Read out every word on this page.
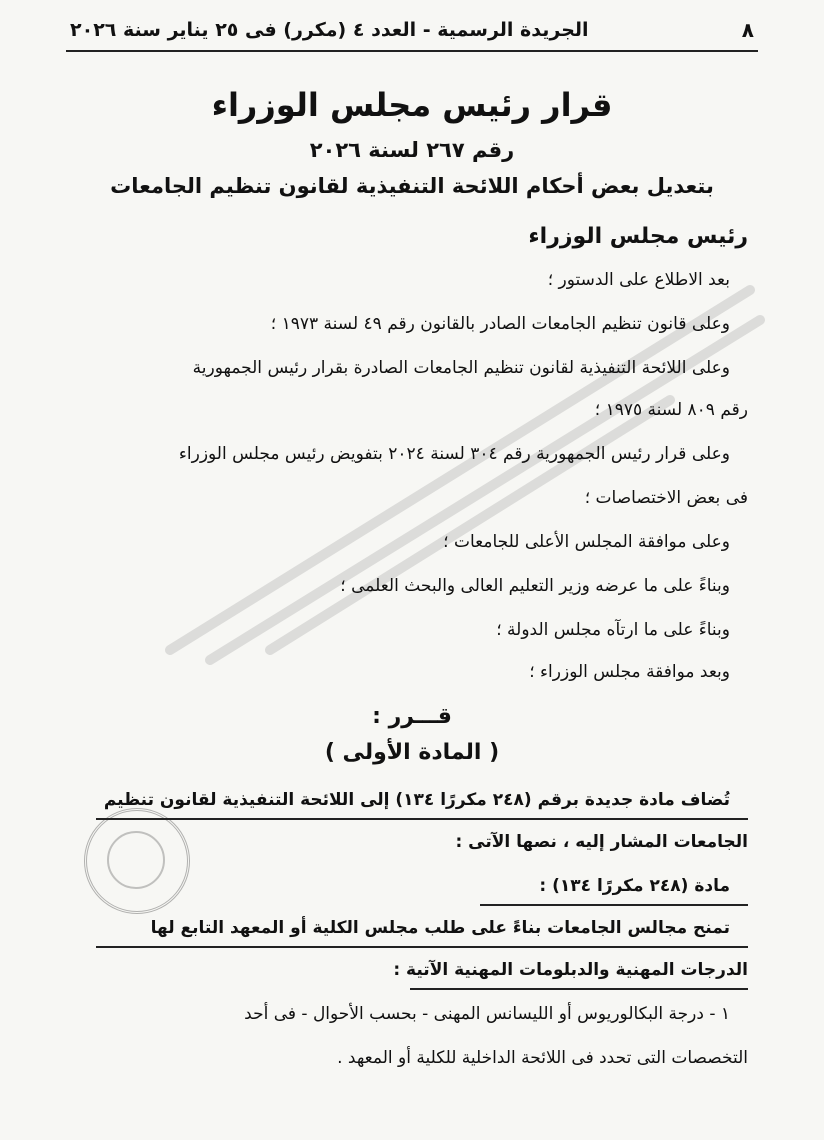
٨
الجريدة الرسمية - العدد ٤ (مكرر) فى ٢٥ يناير سنة ٢٠٢٦
قرار رئيس مجلس الوزراء
رقم ٢٦٧ لسنة ٢٠٢٦
بتعديل بعض أحكام اللائحة التنفيذية لقانون تنظيم الجامعات
رئيس مجلس الوزراء
بعد الاطلاع على الدستور ؛
وعلى قانون تنظيم الجامعات الصادر بالقانون رقم ٤٩ لسنة ١٩٧٣ ؛
وعلى اللائحة التنفيذية لقانون تنظيم الجامعات الصادرة بقرار رئيس الجمهورية
رقم ٨٠٩ لسنة ١٩٧٥ ؛
وعلى قرار رئيس الجمهورية رقم ٣٠٤ لسنة ٢٠٢٤ بتفويض رئيس مجلس الوزراء
فى بعض الاختصاصات ؛
وعلى موافقة المجلس الأعلى للجامعات ؛
وبناءً على ما عرضه وزير التعليم العالى والبحث العلمى ؛
وبناءً على ما ارتآه مجلس الدولة ؛
وبعد موافقة مجلس الوزراء ؛
قـــرر :
( المادة الأولى )
تُضاف مادة جديدة برقم (٢٤٨ مكررًا ١٣٤) إلى اللائحة التنفيذية لقانون تنظيم
الجامعات المشار إليه ، نصها الآتى :
مادة (٢٤٨ مكررًا ١٣٤) :
تمنح مجالس الجامعات بناءً على طلب مجلس الكلية أو المعهد التابع لها
الدرجات المهنية والدبلومات المهنية الآتية :
١ - درجة البكالوريوس أو الليسانس المهنى - بحسب الأحوال - فى أحد
التخصصات التى تحدد فى اللائحة الداخلية للكلية أو المعهد .
